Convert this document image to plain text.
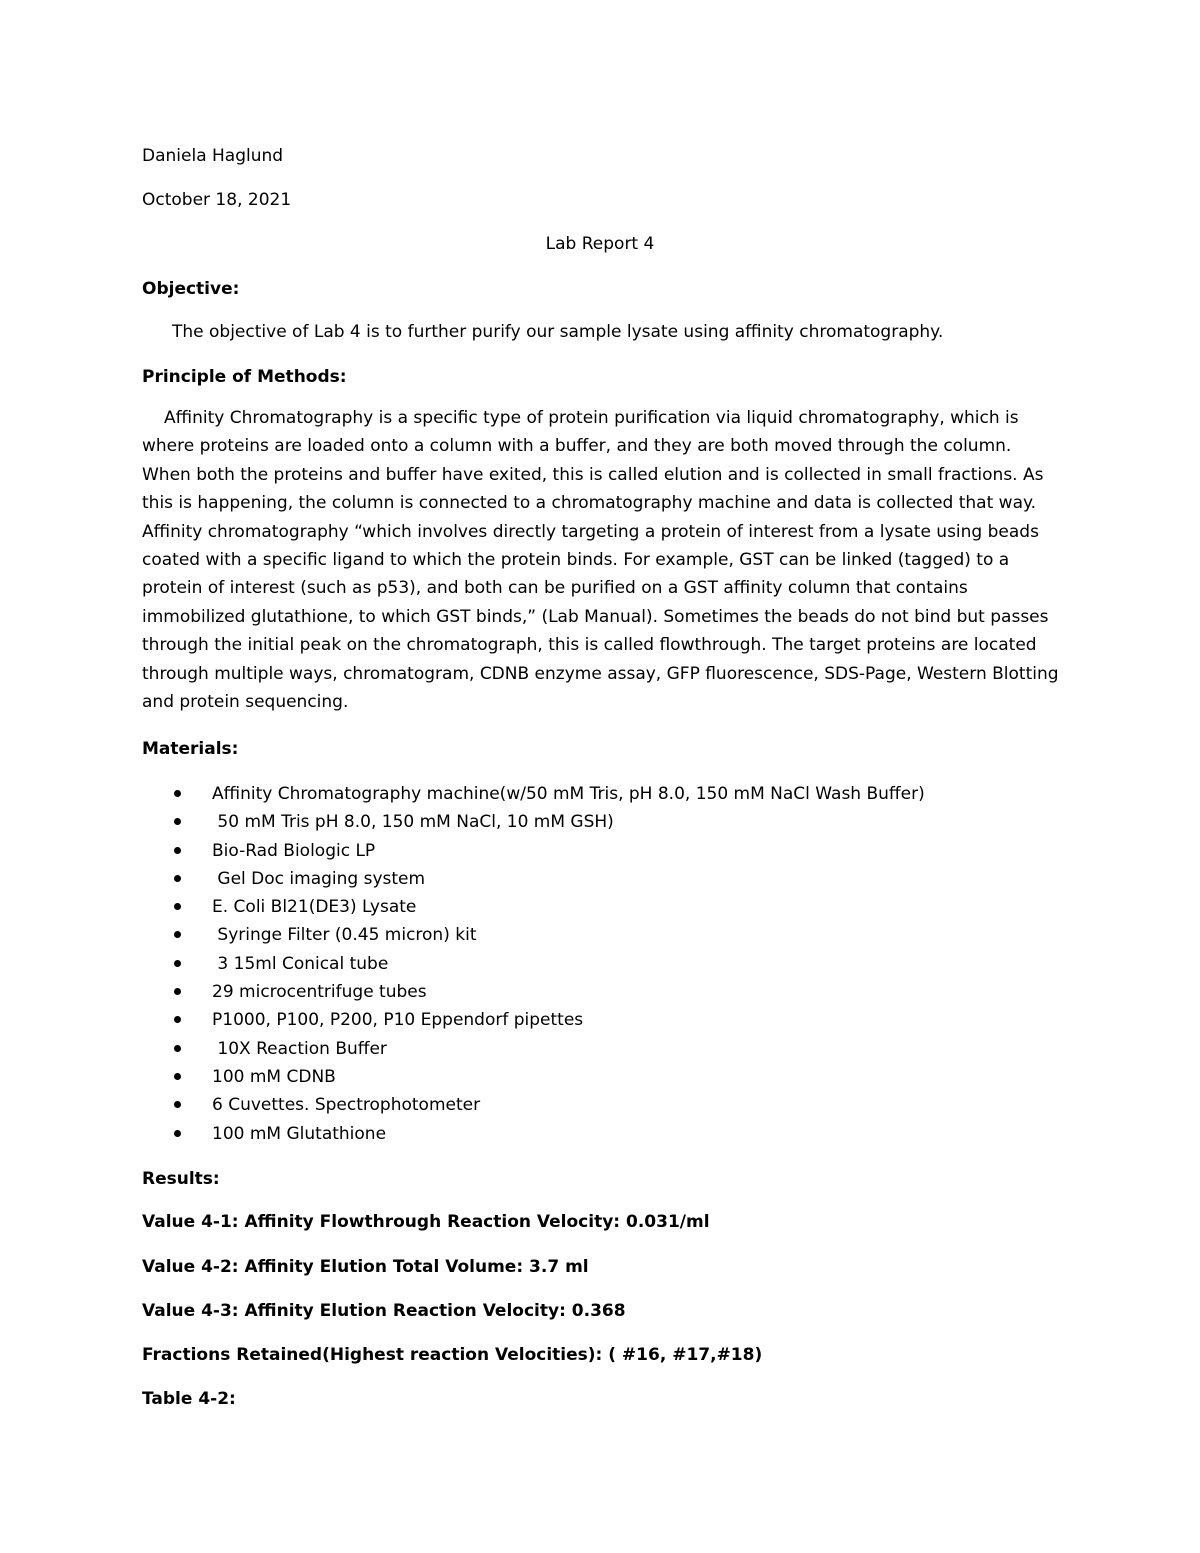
Daniela Haglund
October 18, 2021
Lab Report 4
Objective:

The objective of Lab 4 is to further purify our sample lysate using affinity chromatography.

Principle of Methods:

Affinity Chromatography is a specific type of protein purification via liquid chromatography, which is where proteins are loaded onto a column with a buffer, and they are both moved through the column. When both the proteins and buffer have exited, this is called elution and is collected in small fractions. As this is happening, the column is connected to a chromatography machine and data is collected that way. Affinity chromatography “which involves directly targeting a protein of interest from a lysate using beads coated with a specific ligand to which the protein binds. For example, GST can be linked (tagged) to a protein of interest (such as p53), and both can be purified on a GST affinity column that contains immobilized glutathione, to which GST binds,” (Lab Manual). Sometimes the beads do not bind but passes through the initial peak on the chromatograph, this is called flowthrough. The target proteins are located through multiple ways, chromatogram, CDNB enzyme assay, GFP fluorescence, SDS-Page, Western Blotting and protein sequencing.

Materials:
Affinity Chromatography machine(w/50 mM Tris, pH 8.0, 150 mM NaCl Wash Buffer)
50 mM Tris pH 8.0, 150 mM NaCl, 10 mM GSH)
Bio-Rad Biologic LP
Gel Doc imaging system
E. Coli Bl21(DE3) Lysate
Syringe Filter (0.45 micron) kit
3 15ml Conical tube
29 microcentrifuge tubes
P1000, P100, P200, P10 Eppendorf pipettes
10X Reaction Buffer
100 mM CDNB
6 Cuvettes. Spectrophotometer
100 mM Glutathione
Results:
Value 4-1: Affinity Flowthrough Reaction Velocity: 0.031/ml
Value 4-2: Affinity Elution Total Volume: 3.7 ml
Value 4-3: Affinity Elution Reaction Velocity: 0.368
Fractions Retained(Highest reaction Velocities): ( #16, #17,#18)
Table 4-2:
